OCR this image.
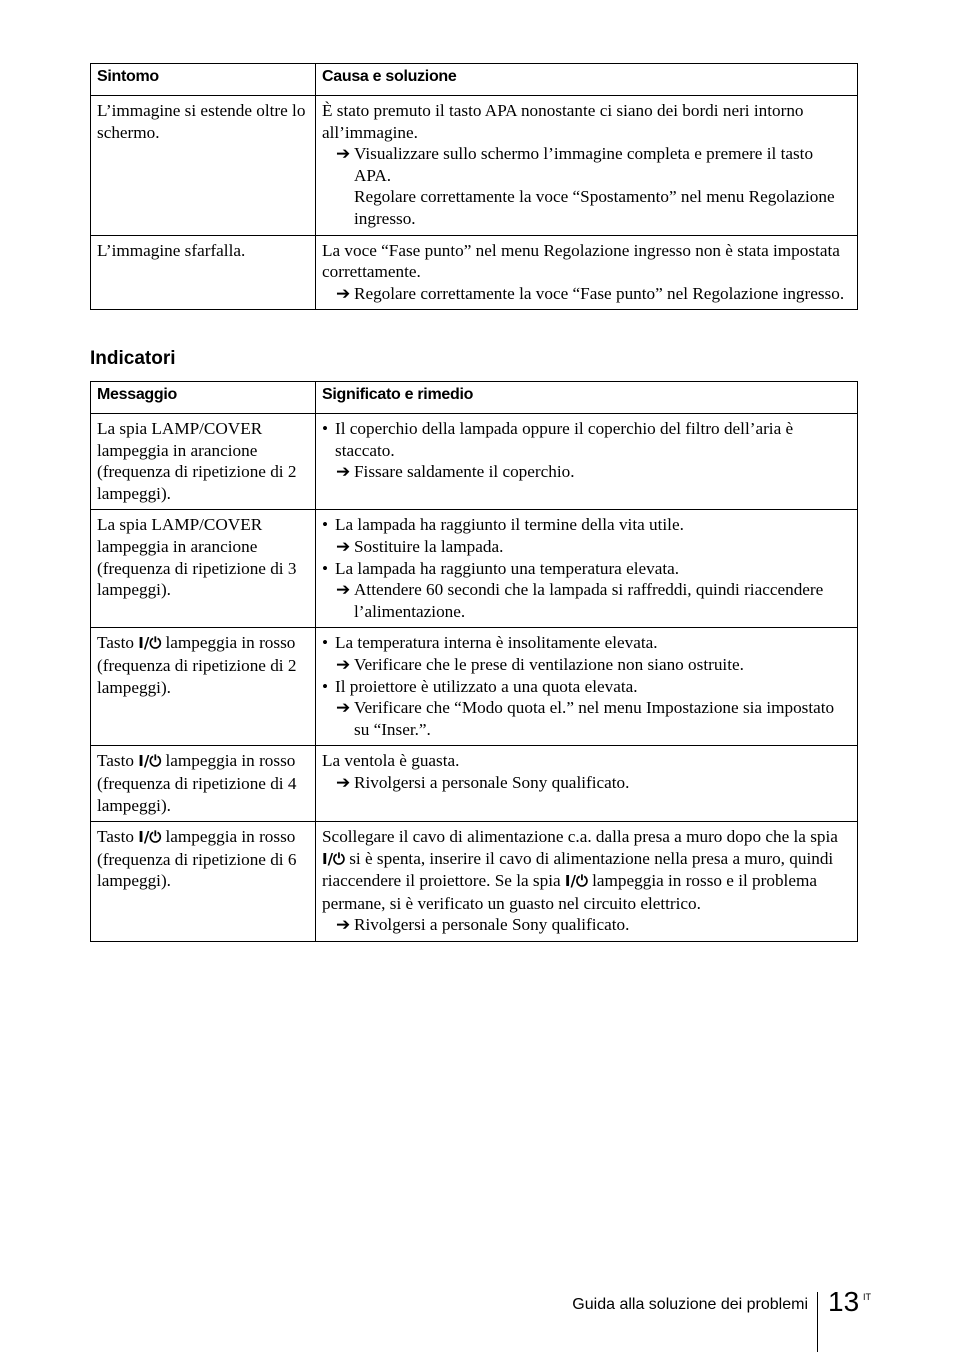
Sintomo	Causa e soluzione
L’immagine si estende oltre lo schermo.	È stato premuto il tasto APA nonostante ci siano dei bordi neri intorno all’immagine.
➔ Visualizzare sullo schermo l’immagine completa e premere il tasto APA.
Regolare correttamente la voce “Spostamento” nel menu Regolazione ingresso.

L’immagine sfarfalla.	La voce “Fase punto” nel menu Regolazione ingresso non è stata impostata correttamente.
➔ Regolare correttamente la voce “Fase punto” nel Regolazione ingresso.
Indicatori
Messaggio	Significato e rimedio
La spia LAMP/COVER lampeggia in arancione (frequenza di ripetizione di 2 lampeggi).	• Il coperchio della lampada oppure il coperchio del filtro dell’aria è staccato.
➔ Fissare saldamente il coperchio.

La spia LAMP/COVER lampeggia in arancione (frequenza di ripetizione di 3 lampeggi).	• La lampada ha raggiunto il termine della vita utile.
➔ Sostituire la lampada.
• La lampada ha raggiunto una temperatura elevata.
➔ Attendere 60 secondi che la lampada si raffreddi, quindi riaccendere l’alimentazione.

Tasto I/⏻ lampeggia in rosso (frequenza di ripetizione di 2 lampeggi).	• La temperatura interna è insolitamente elevata.
➔ Verificare che le prese di ventilazione non siano ostruite.
• Il proiettore è utilizzato a una quota elevata.
➔ Verificare che “Modo quota el.” nel menu Impostazione sia impostato su “Inser.”.

Tasto I/⏻ lampeggia in rosso (frequenza di ripetizione di 4 lampeggi).	La ventola è guasta.
➔ Rivolgersi a personale Sony qualificato.

Tasto I/⏻ lampeggia in rosso (frequenza di ripetizione di 6 lampeggi).	Scollegare il cavo di alimentazione c.a. dalla presa a muro dopo che la spia I/⏻ si è spenta, inserire il cavo di alimentazione nella presa a muro, quindi riaccendere il proiettore. Se la spia I/⏻ lampeggia in rosso e il problema permane, si è verificato un guasto nel circuito elettrico.
➔ Rivolgersi a personale Sony qualificato.
Guida alla soluzione dei problemi 13 IT
